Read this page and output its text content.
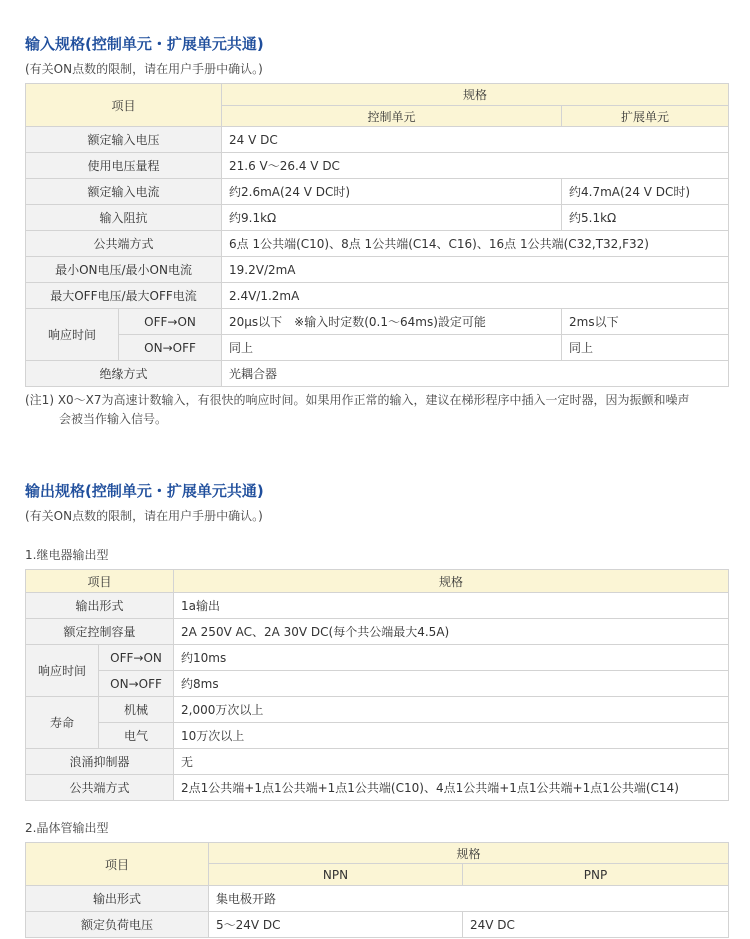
输入规格(控制单元・扩展单元共通)

(有关ON点数的限制，请在用户手册中确认。)

项目		规格	
		控制单元	扩展单元
额定输入电压		24 V DC	
使用电压量程		21.6 V～26.4 V DC	
额定输入电流		约2.6mA(24 V DC时)	约4.7mA(24 V DC时)
输入阻抗		约9.1kΩ	约5.1kΩ
公共端方式		6点 1公共端(C10)、8点 1公共端(C14、C16)、16点 1公共端(C32,T32,F32)	
最小ON电压/最小ON电流		19.2V/2mA	
最大OFF电压/最大OFF电流		2.4V/1.2mA	
响应时间	OFF→ON	20μs以下　※输入时定数(0.1～64ms)設定可能	2ms以下
	ON→OFF	同上	同上
绝缘方式		光耦合器	
(注1) X0～X7为高速计数输入，有很快的响应时间。如果用作正常的输入，建议在梯形程序中插入一定时器，因为振颤和噪声
会被当作输入信号。
输出规格(控制单元・扩展单元共通)

(有关ON点数的限制，请在用户手册中确认。)

1.继电器输出型

项目		规格
输出形式		1a输出
额定控制容量		2A 250V AC、2A 30V DC(每个共公端最大4.5A)
响应时间	OFF→ON	约10ms
	ON→OFF	约8ms
寿命	机械	2,000万次以上
	电气	10万次以上
浪涌抑制器		无
公共端方式		2点1公共端+1点1公共端+1点1公共端(C10)、4点1公共端+1点1公共端+1点1公共端(C14)

2.晶体管输出型

项目	规格	
	NPN	PNP
输出形式	集电极开路	
额定负荷电压	5～24V DC	24V DC
